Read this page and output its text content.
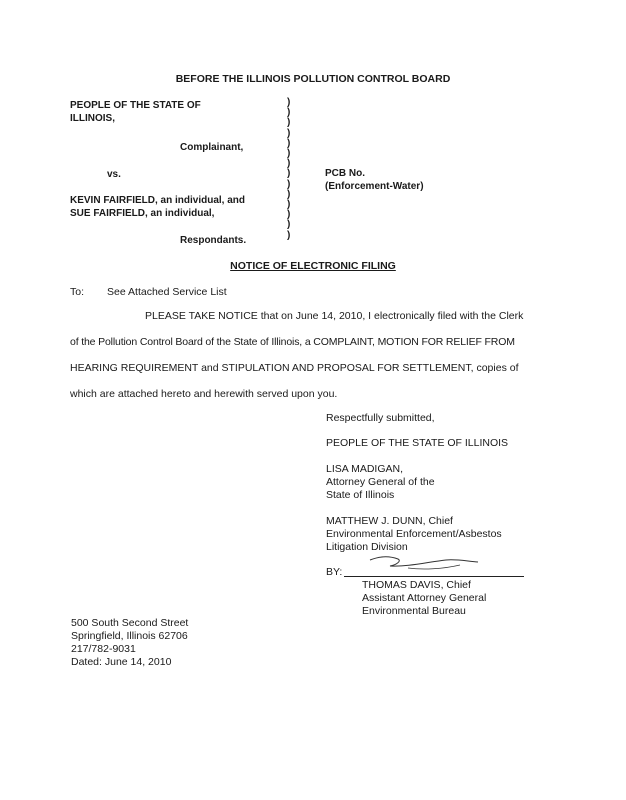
BEFORE THE ILLINOIS POLLUTION CONTROL BOARD
PEOPLE OF THE STATE OF
ILLINOIS,
Complainant,
vs.
KEVIN FAIRFIELD, an individual, and
SUE FAIRFIELD, an individual,
Respondants.
)
)
)
)
)
)
)
)
)
)
)
)
)
)
PCB No.
(Enforcement-Water)
NOTICE OF ELECTRONIC FILING
To: See Attached Service List
PLEASE TAKE NOTICE that on June 14, 2010, I electronically filed with the Clerk
of the Pollution Control Board of the State of Illinois, a COMPLAINT, MOTION FOR RELIEF FROM
HEARING REQUIREMENT and STIPULATION AND PROPOSAL FOR SETTLEMENT, copies of
which are attached hereto and herewith served upon you.
Respectfully submitted,
PEOPLE OF THE STATE OF ILLINOIS
LISA MADIGAN,
Attorney General of the
State of Illinois
MATTHEW J. DUNN, Chief
Environmental Enforcement/Asbestos
Litigation Division
BY:
THOMAS DAVIS, Chief
Assistant Attorney General
Environmental Bureau
500 South Second Street
Springfield, Illinois 62706
217/782-9031
Dated: June 14, 2010
